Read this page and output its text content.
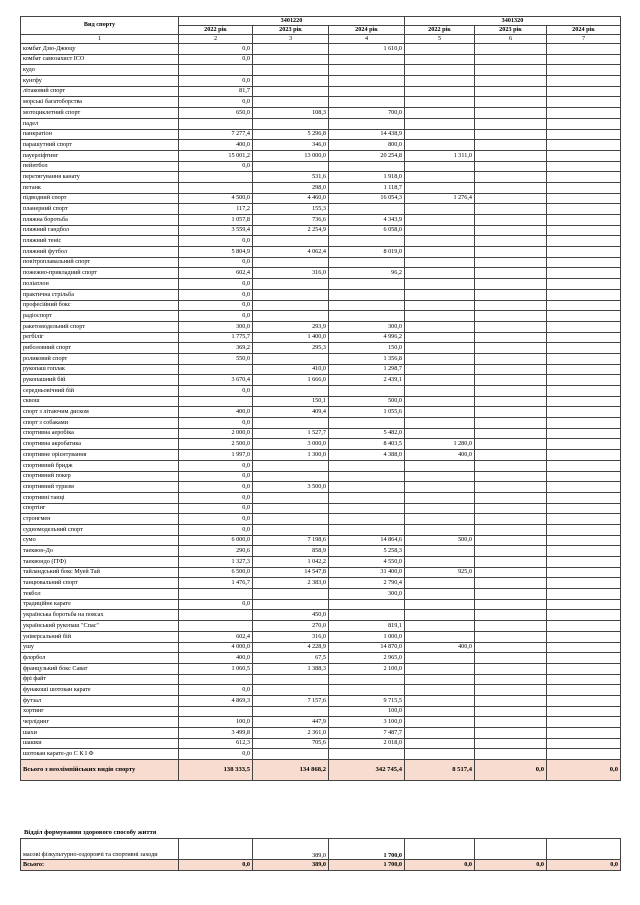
Вид спорту	3401220			3401320		
	2022 рік	2023 рік	2024 рік	2022 рік	2023 рік	2024 рік
1	2	3	4	5	6	7
комбат Дзю-Джюцу	0,0		1 610,0			
комбат самозахист ІСО	0,0					
кудо						
кунгфу	0,0					
літаковий спорт	81,7					
морські багатоборства	0,0					
мотоциклетний спорт	650,0	108,3	700,0			
падел						
панкратіон	7 277,4	5 296,8	14 438,9			
парашутний спорт	400,0	346,0	800,0			
пауерліфтинг	15 001,2	13 000,0	20 254,8	1 311,0		
пейнтбол	0,0					
перетягування канату		531,6	1 918,0			
петанк		298,0	1 118,7			
підводний спорт	4 500,0	4 460,0	16 054,3	1 276,4		
планерний спорт	117,2	155,3				
пляжна боротьба	1 057,8	736,6	4 343,9			
пляжний гандбол	3 559,4	2 254,9	6 058,0			
пляжний теніс	0,0					
пляжний футбол	5 804,9	4 062,4	8 019,0			
повітроплавальний спорт	0,0					
пожежно-прикладний спорт	602,4	316,0	96,2			
поліатлон	0,0					
практична стрільба	0,0					
професійний бокс	0,0					
радіоспорт	0,0					
ракетомодельний спорт	300,0	293,9	300,0			
регбіліг	1 775,7	1 400,0	4 996,2			
риболовний спорт	369,2	295,3	150,0			
роликовий спорт	550,0		1 356,8			
рукопаш гоплак		410,0	1 298,7			
рукопашний бій	3 670,4	1 666,0	2 439,1			
середньовічний бій	0,0					
сквош		150,1	500,0			
спорт з літаючим диском	400,0	409,4	1 055,6			
спорт з собаками	0,0					
спортивна аеробіка	2 000,0	1 527,7	5 482,0			
спортивна акробатика	2 500,0	3 000,0	8 403,5	1 280,0		
спортивне орієнтування	1 997,0	1 300,0	4 388,0	400,0		
спортивний бридж	0,0					
спортивний покер	0,0					
спортивний туризм	0,0	3 500,0				
спортивні танці	0,0					
спортінг	0,0					
стронгмен	0,0					
судномодельний спорт	0,0					
сумо	6 000,0	7 198,6	14 864,6	500,0		
таеквон-До	290,6	858,9	5 258,3			
таеквондо (ІТФ)	1 327,3	1 042,2	4 550,0			
тайландський бокс Муей Тай	6 500,0	14 547,8	31 400,0	925,0		
танцювальний спорт	1 476,7	2 383,0	2 790,4			
текбол			300,0			
традиційне карате	0,0					
українська боротьба на поясах		450,0				
український рукопаш "Спас"		270,0	819,1			
універсальний бій	602,4	316,0	1 000,0			
ушу	4 000,0	4 228,9	14 870,0	400,0		
флорбол	400,0	67,5	2 965,0			
французький бокс Сават	1 060,5	1 388,3	2 100,0			
фрі файт						
фунакоші шотокан карате	0,0					
футзал	4 869,3	7 157,6	9 715,5			
хортинг			100,0			
черлідинг	100,0	447,9	3 100,0			
шахи	3 499,8	2 361,0	7 487,7			
шашки	612,3	705,6	2 018,0			
шотокан карате-до С К І Ф	0,0					
Всього з неолімпійських видів спорту	138 333,5	134 868,2	342 745,4	8 517,4	0,0	0,0
Відділ формування здорового способу життя
масові фізкультурно-оздоровчі та спортивні заходи		389,0	1 700,0			
Всього:	0,0	389,0	1 700,0	0,0	0,0	0,0
